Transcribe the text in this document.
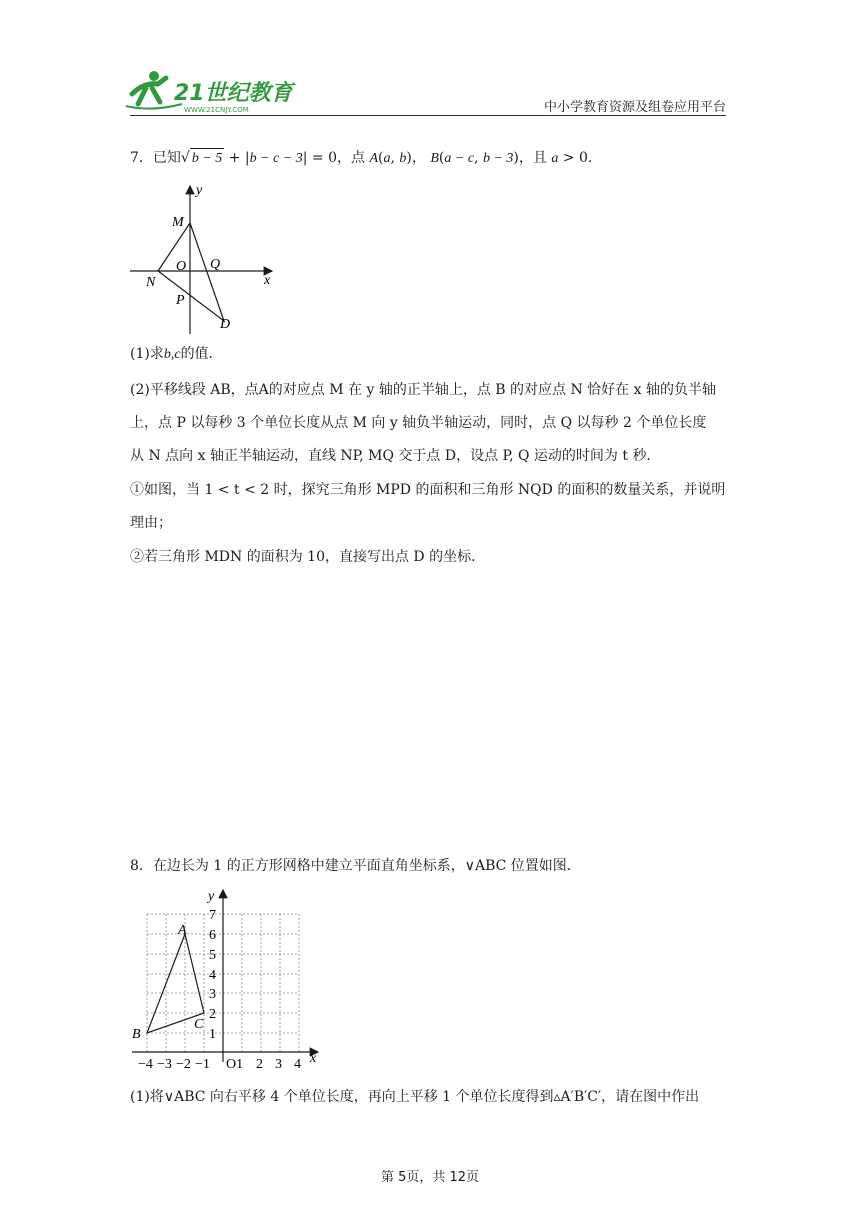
21世纪教育
WWW.21CNJY.COM	中小学教育资源及组卷应用平台
7．已知√ b − 5 + |b − c − 3| = 0，点 A(a, b)， B(a − c, b − 3)，且 a > 0．
y
x
M
O Q
N
P
D
(1)求b,c的值．
(2)平移线段 AB，点A的对应点 M 在 y 轴的正半轴上，点 B 的对应点 N 恰好在 x 轴的负半轴
上，点 P 以每秒 3 个单位长度从点 M 向 y 轴负半轴运动，同时，点 Q 以每秒 2 个单位长度
从 N 点向 x 轴正半轴运动，直线 NP, MQ 交于点 D，设点 P, Q 运动的时间为 t 秒．
①如图，当 1 < t < 2 时，探究三角形 MPD 的面积和三角形 NQD 的面积的数量关系，并说明
理由；
②若三角形 MDN 的面积为 10，直接写出点 D 的坐标．
8．在边长为 1 的正方形网格中建立平面直角坐标系，∨ABC 位置如图．
y
x
A
B
C
1
2
3
4
5
6
7
−4 −3 −2 −1 O1 2 3 4
(1)将∨ABC 向右平移 4 个单位长度，再向上平移 1 个单位长度得到▵A′B′C′，请在图中作出
第 5页，共 12页
